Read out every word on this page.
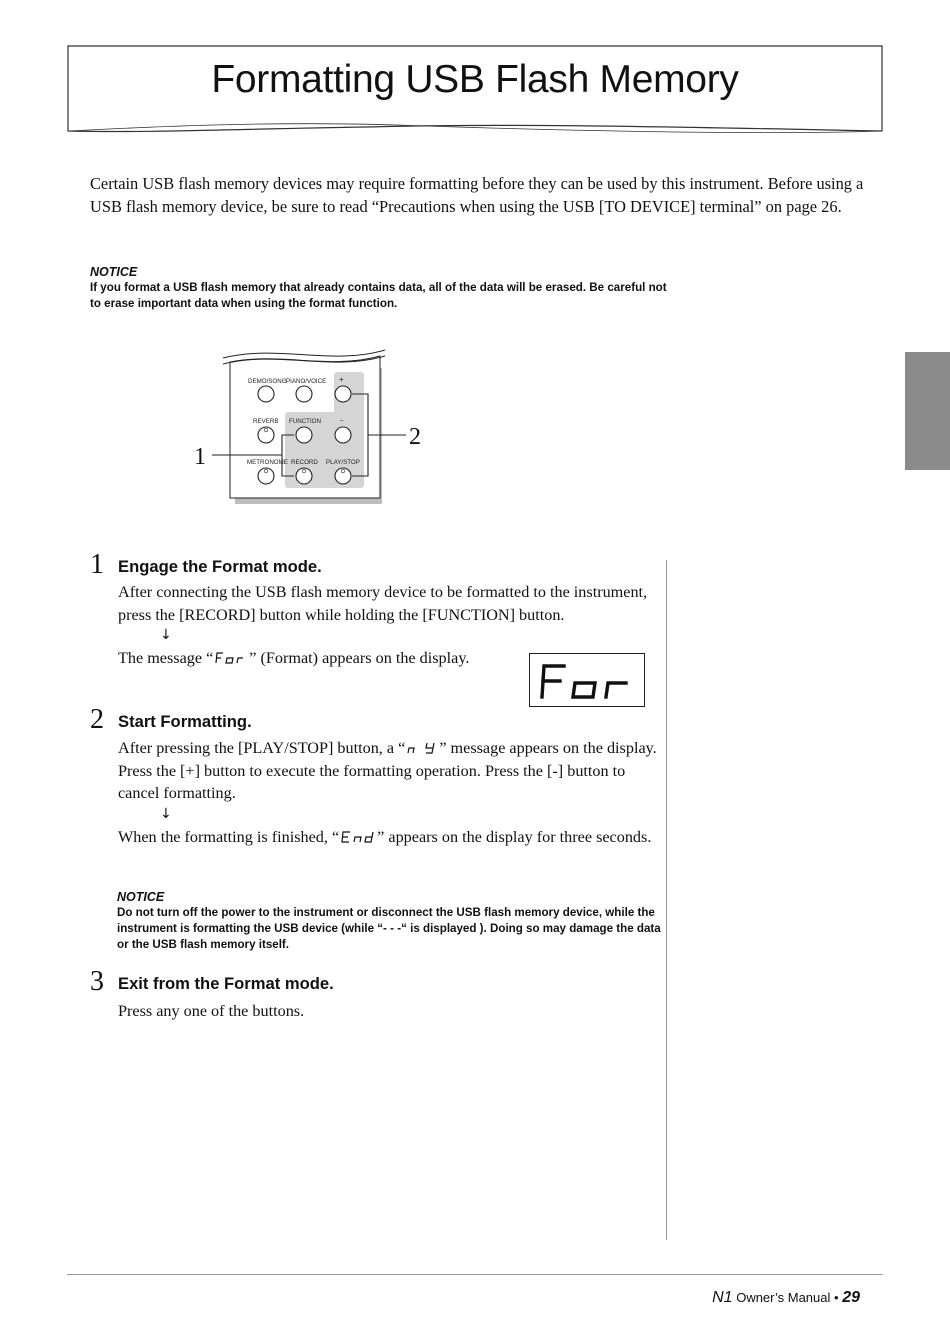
Formatting USB Flash Memory

Certain USB flash memory devices may require formatting before they can be used by this instrument. Before using a USB flash memory device, be sure to read “Precautions when using the USB [TO DEVICE] terminal” on page 26.

NOTICE

If you format a USB flash memory that already contains data, all of the data will be erased. Be careful not to erase important data when using the format function.

DEMO/SONG PIANO/VOICE +
REVERB FUNCTION	–
METRONOME RECORD PLAY/STOP
1
2
1 Engage the Format mode.

After connecting the USB flash memory device to be formatted to the instrument, press the [RECORD] button while holding the [FUNCTION] button.

↓

The message “ ” (Format) appears on the display.

2 Start Formatting.

After pressing the [PLAY/STOP] button, a “ ” message appears on the display. Press the [+] button to execute the formatting operation. Press the [-] button to cancel formatting.

↓

When the formatting is finished, “ ” appears on the display for three seconds.

NOTICE

Do not turn off the power to the instrument or disconnect the USB flash memory device, while the instrument is formatting the USB device (while “- - -“ is displayed ). Doing so may damage the data or the USB flash memory itself.

3 Exit from the Format mode.

Press any one of the buttons.

N1 Owner’s Manual • 29
